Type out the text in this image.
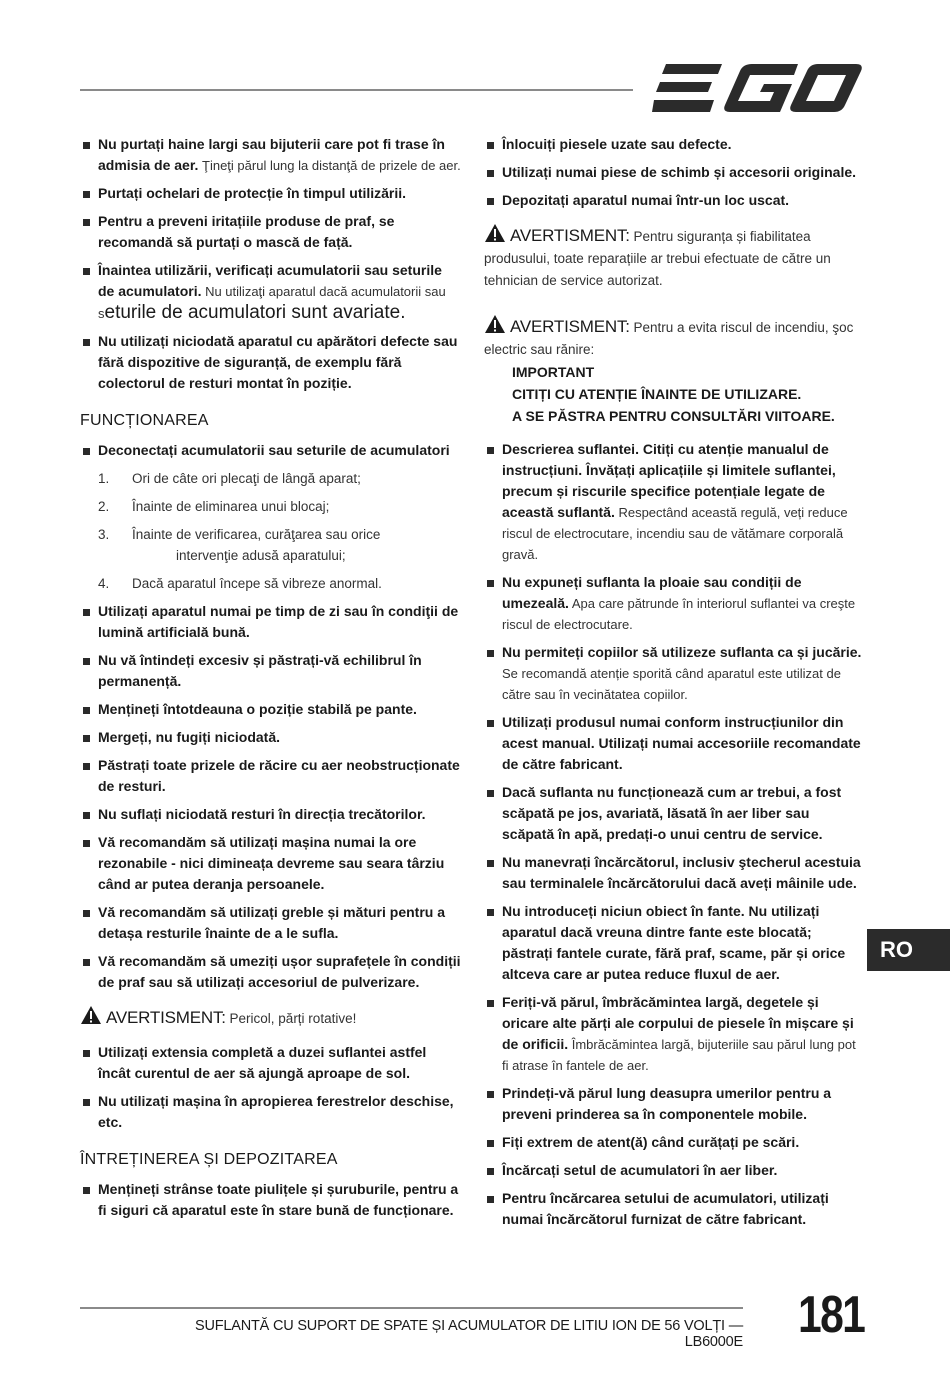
Nu purtați haine largi sau bijuterii care pot fi trase în admisia de aer. Ţineţi părul lung la distanţă de prizele de aer.
Purtați ochelari de protecție în timpul utilizării.
Pentru a preveni iritațiile produse de praf, se recomandă să purtați o mască de față.
Înaintea utilizării, verificați acumulatorii sau seturile de acumulatori. Nu utilizaţi aparatul dacă acumulatorii sau seturile de acumulatori sunt avariate.
Nu utilizați niciodată aparatul cu apărători defecte sau fără dispozitive de siguranță, de exemplu fără colectorul de resturi montat în poziție.
FUNCȚIONAREA
Deconectați acumulatorii sau seturile de acumulatori
1. Ori de câte ori plecaţi de lângă aparat;
2. Înainte de eliminarea unui blocaj;
3. Înainte de verificarea, curăţarea sau orice
intervenţie adusă aparatului;
4. Dacă aparatul începe să vibreze anormal.
Utilizați aparatul numai pe timp de zi sau în condiţii de lumină artificială bună.
Nu vă întindeți excesiv și păstrați-vă echilibrul în permanență.
Mențineți întotdeauna o poziție stabilă pe pante.
Mergeți, nu fugiți niciodată.
Păstrați toate prizele de răcire cu aer neobstrucționate de resturi.
Nu suflați niciodată resturi în direcția trecătorilor.
Vă recomandăm să utilizați mașina numai la ore rezonabile - nici dimineața devreme sau seara târziu când ar putea deranja persoanele.
Vă recomandăm să utilizați greble și mături pentru a detașa resturile înainte de a le sufla.
Vă recomandăm să umeziți ușor suprafețele în condiții de praf sau să utilizați accesoriul de pulverizare.
AVERTISMENT: Pericol, părți rotative!
Utilizați extensia completă a duzei suflantei astfel încât curentul de aer să ajungă aproape de sol.
Nu utilizați mașina în apropierea ferestrelor deschise, etc.
ÎNTREȚINEREA ȘI DEPOZITAREA
Mențineți strânse toate piulițele și șuruburile, pentru a fi siguri că aparatul este în stare bună de funcționare.
Înlocuiți piesele uzate sau defecte.
Utilizați numai piese de schimb și accesorii originale.
Depozitați aparatul numai într-un loc uscat.
AVERTISMENT: Pentru siguranța și fiabilitatea produsului, toate reparațiile ar trebui efectuate de către un tehnician de service autorizat.
AVERTISMENT: Pentru a evita riscul de incendiu, şoc electric sau rănire:
IMPORTANT
CITIȚI CU ATENȚIE ÎNAINTE DE UTILIZARE.
A SE PĂSTRA PENTRU CONSULTĂRI VIITOARE.
Descrierea suflantei. Citiți cu atenție manualul de instrucțiuni. Învățați aplicațiile și limitele suflantei, precum și riscurile specifice potențiale legate de această suflantă. Respectând această regulă, veți reduce riscul de electrocutare, incendiu sau de vătămare corporală gravă.
Nu expuneți suflanta la ploaie sau condiții de umezeală. Apa care pătrunde în interiorul suflantei va creşte riscul de electrocutare.
Nu permiteți copiilor să utilizeze suflanta ca și jucărie. Se recomandă atenție sporită când aparatul este utilizat de către sau în vecinătatea copiilor.
Utilizați produsul numai conform instrucțiunilor din acest manual. Utilizați numai accesoriile recomandate de către fabricant.
Dacă suflanta nu funcționează cum ar trebui, a fost scăpată pe jos, avariată, lăsată în aer liber sau scăpată în apă, predați-o unui centru de service.
Nu manevrați încărcătorul, inclusiv ştecherul acestuia sau terminalele încărcătorului dacă aveți mâinile ude.
Nu introduceți niciun obiect în fante. Nu utilizați aparatul dacă vreuna dintre fante este blocată; păstrați fantele curate, fără praf, scame, păr și orice altceva care ar putea reduce fluxul de aer.
Feriți-vă părul, îmbrăcămintea largă, degetele și oricare alte părți ale corpului de piesele în mișcare și de orificii. Îmbrăcămintea largă, bijuteriile sau părul lung pot fi atrase în fantele de aer.
Prindeți-vă părul lung deasupra umerilor pentru a preveni prinderea sa în componentele mobile.
Fiți extrem de atent(ă) când curățați pe scări.
Încărcați setul de acumulatori în aer liber.
Pentru încărcarea setului de acumulatori, utilizați numai încărcătorul furnizat de către fabricant.
RO
SUFLANTĂ CU SUPORT DE SPATE ȘI ACUMULATOR DE LITIU ION DE 56 VOLȚI — LB6000E 181
